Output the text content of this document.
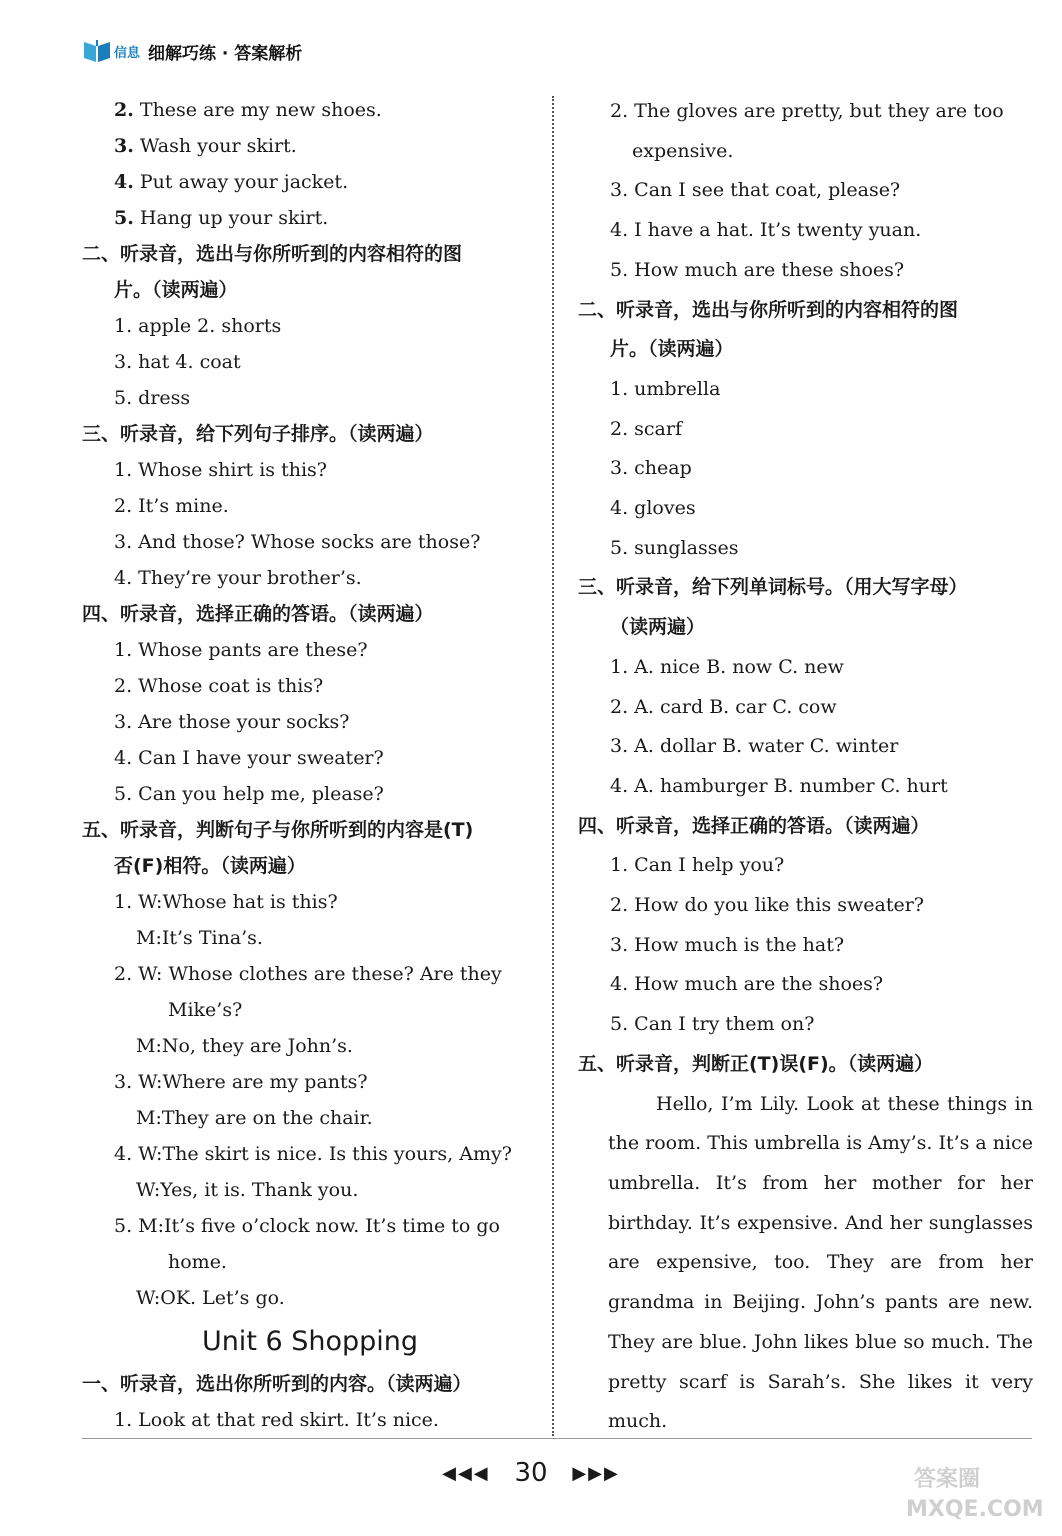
信息 细解巧练 · 答案解析
2. These are my new shoes.
3. Wash your skirt.
4. Put away your jacket.
5. Hang up your skirt.
二、听录音，选出与你所听到的内容相符的图
片。（读两遍）
1. apple 2. shorts
3. hat 4. coat
5. dress
三、听录音，给下列句子排序。（读两遍）
1. Whose shirt is this?
2. It’s mine.
3. And those? Whose socks are those?
4. They’re your brother’s.
四、听录音，选择正确的答语。（读两遍）
1. Whose pants are these?
2. Whose coat is this?
3. Are those your socks?
4. Can I have your sweater?
5. Can you help me, please?
五、听录音，判断句子与你所听到的内容是(T)
否(F)相符。（读两遍）
1. W:Whose hat is this?
M:It’s Tina’s.
2. W: Whose clothes are these? Are they
Mike’s?
M:No, they are John’s.
3. W:Where are my pants?
M:They are on the chair.
4. W:The skirt is nice. Is this yours, Amy?
W:Yes, it is. Thank you.
5. M:It’s five o’clock now. It’s time to go
home.
W:OK. Let’s go.
Unit 6 Shopping
一、听录音，选出你所听到的内容。（读两遍）
1. Look at that red skirt. It’s nice.
2. The gloves are pretty, but they are too
expensive.
3. Can I see that coat, please?
4. I have a hat. It’s twenty yuan.
5. How much are these shoes?
二、听录音，选出与你所听到的内容相符的图
片。（读两遍）
1. umbrella
2. scarf
3. cheap
4. gloves
5. sunglasses
三、听录音，给下列单词标号。（用大写字母）
（读两遍）
1. A. nice B. now C. new
2. A. card B. car C. cow
3. A. dollar B. water C. winter
4. A. hamburger B. number C. hurt
四、听录音，选择正确的答语。（读两遍）
1. Can I help you?
2. How do you like this sweater?
3. How much is the hat?
4. How much are the shoes?
5. Can I try them on?
五、听录音，判断正(T)误(F)。（读两遍）
Hello, I’m Lily. Look at these things in the room. This umbrella is Amy’s. It’s a nice umbrella. It’s from her mother for her birthday. It’s expensive. And her sunglasses are expensive, too. They are from her grandma in Beijing. John’s pants are new. They are blue. John likes blue so much. The pretty scarf is Sarah’s. She likes it very much.
◀◀◀ 30 ▶▶▶	答案圈
MXQE.COM
